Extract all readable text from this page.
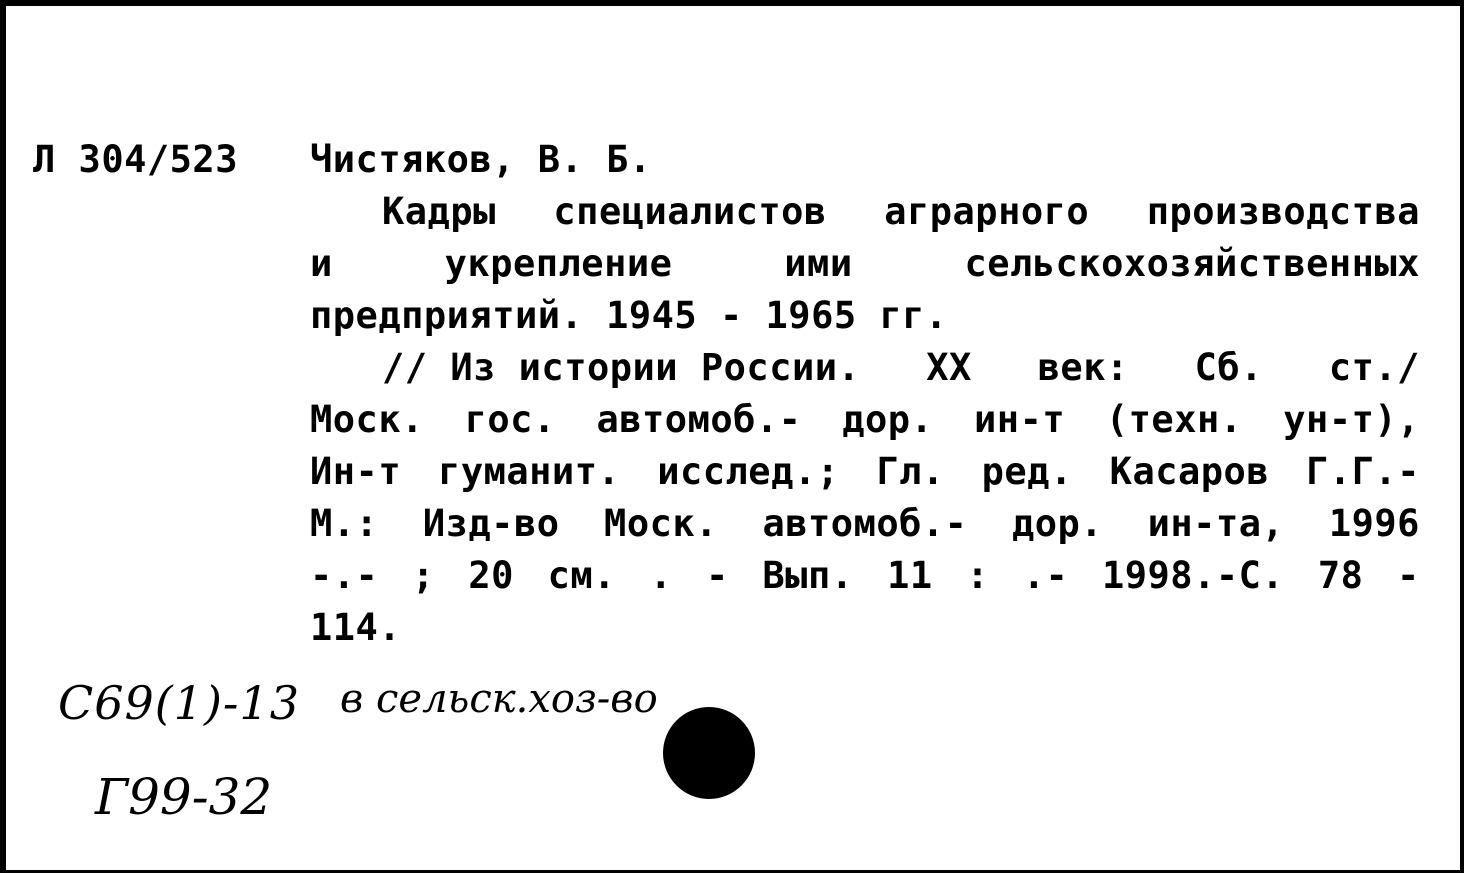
Л 304/523 Чистяков, В. Б.
Кадры специалистов аграрного производства
и	укрепление	ими	сельскохозяйственных
предприятий. 1945 - 1965 гг.
// Из истории России. XX век: Сб. ст./
Моск. гос. автомоб.- дор. ин-т (техн. ун-т),
Ин-т гуманит. исслед.; Гл. ред. Касаров Г.Г.-
М.: Изд-во Моск. автомоб.- дор. ин-та, 1996
-.- ; 20 см. . - Вып. 11 : .- 1998.-С. 78 -
114.
C69(1)-13 в сельск.хоз-во
Г99-32
